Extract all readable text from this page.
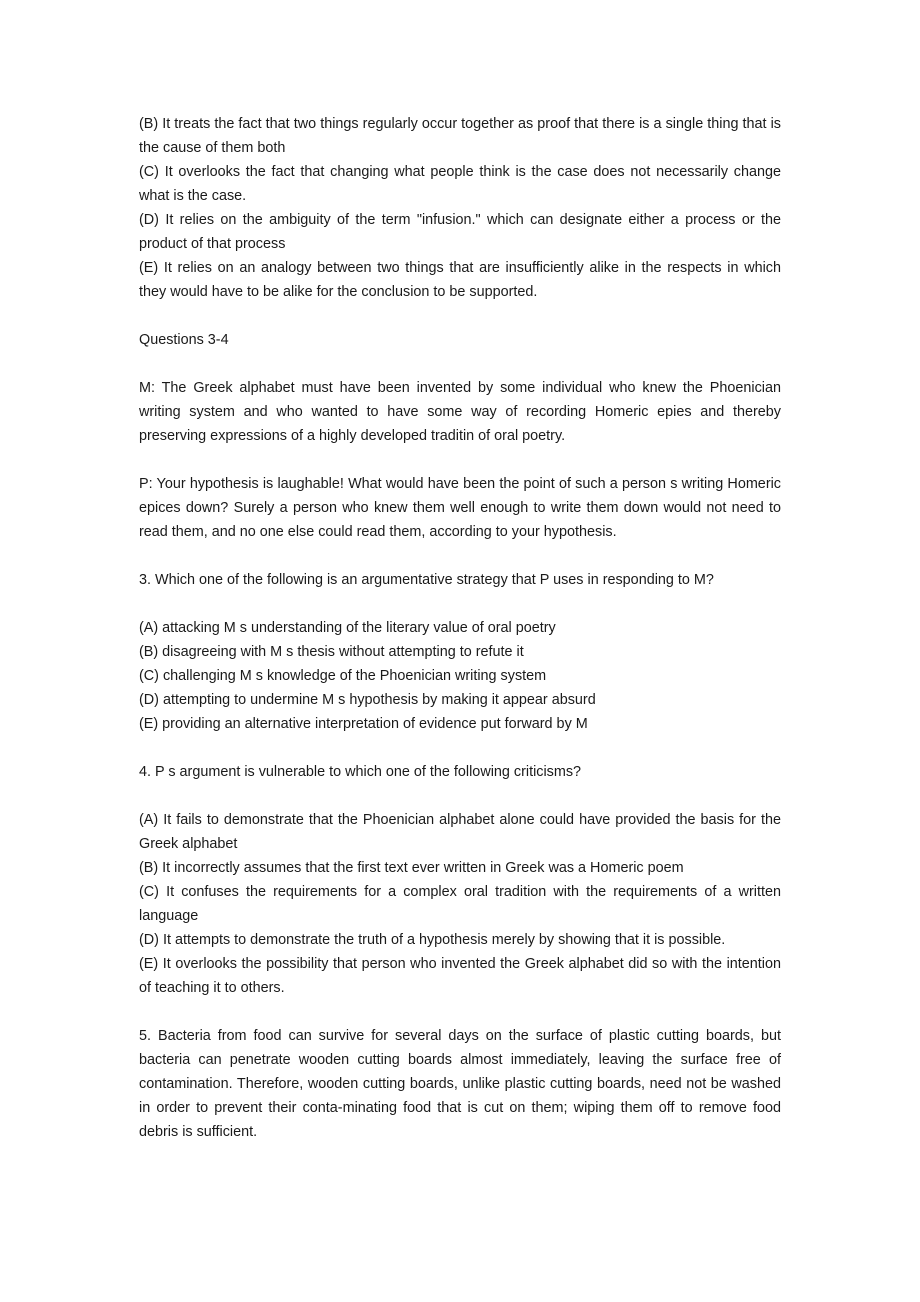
(B) It treats the fact that two things regularly occur together as proof that there is a single thing that is the cause of them both

(C) It overlooks the fact that changing what people think is the case does not necessarily change what is the case.

(D) It relies on the ambiguity of the term "infusion." which can designate either a process or the product of that process

(E) It relies on an analogy between two things that are insufficiently alike in the respects in which they would have to be alike for the conclusion to be supported.

Questions 3-4

M: The Greek alphabet must have been invented by some individual who knew the Phoenician writing system and who wanted to have some way of recording Homeric epies and thereby preserving expressions of a highly developed traditin of oral poetry.

P: Your hypothesis is laughable! What would have been the point of such a person s writing Homeric epices down? Surely a person who knew them well enough to write them down would not need to read them, and no one else could read them, according to your hypothesis.

3. Which one of the following is an argumentative strategy that P uses in responding to M?

(A) attacking M s understanding of the literary value of oral poetry

(B) disagreeing with M s thesis without attempting to refute it

(C) challenging M s knowledge of the Phoenician writing system

(D) attempting to undermine M s hypothesis by making it appear absurd

(E) providing an alternative interpretation of evidence put forward by M

4. P s argument is vulnerable to which one of the following criticisms?

(A) It fails to demonstrate that the Phoenician alphabet alone could have provided the basis for the Greek alphabet

(B) It incorrectly assumes that the first text ever written in Greek was a Homeric poem

(C) It confuses the requirements for a complex oral tradition with the requirements of a written language

(D) It attempts to demonstrate the truth of a hypothesis merely by showing that it is possible.

(E) It overlooks the possibility that person who invented the Greek alphabet did so with the intention of teaching it to others.

5. Bacteria from food can survive for several days on the surface of plastic cutting boards, but bacteria can penetrate wooden cutting boards almost immediately, leaving the surface free of contamination. Therefore, wooden cutting boards, unlike plastic cutting boards, need not be washed in order to prevent their conta-minating food that is cut on them; wiping them off to remove food debris is sufficient.
